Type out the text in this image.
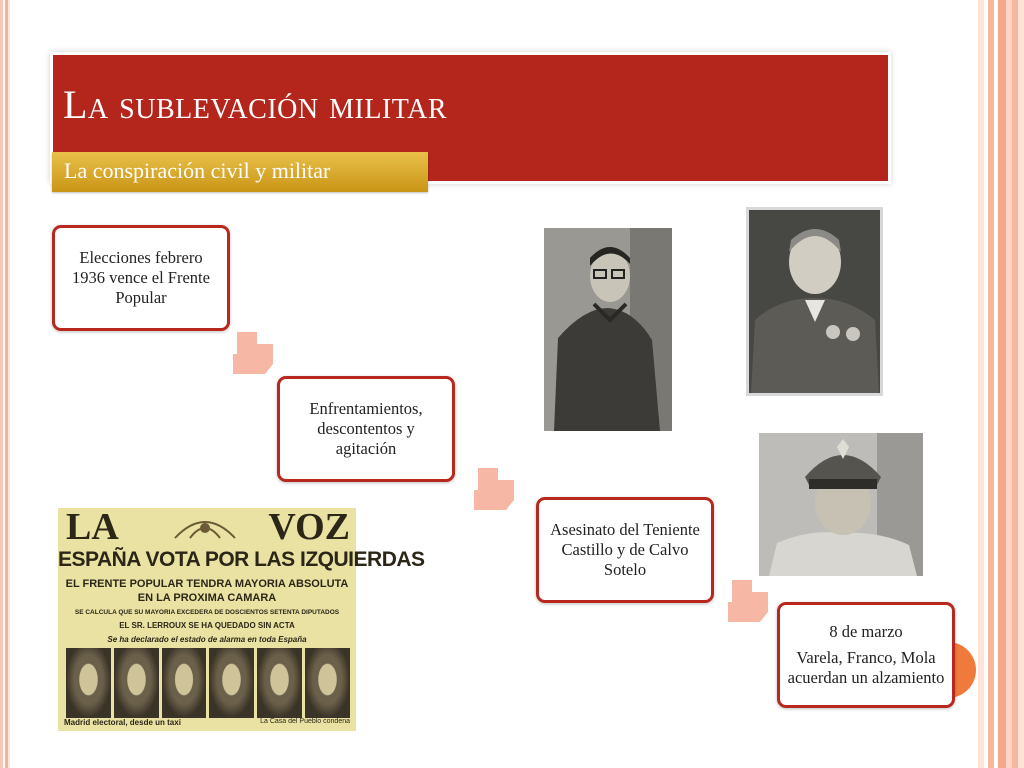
La sublevación militar
La conspiración civil y militar

Elecciones febrero 1936 vence el Frente Popular

Enfrentamientos, descontentos y agitación

Asesinato del Teniente Castillo y de Calvo Sotelo

8 de marzo

Varela, Franco, Mola acuerdan un alzamiento

LA	VOZ
ESPAÑA VOTA POR LAS IZQUIERDAS
EL FRENTE POPULAR TENDRA MAYORIA ABSOLUTA
EN LA PROXIMA CAMARA
SE CALCULA QUE SU MAYORIA EXCEDERA DE DOSCIENTOS SETENTA DIPUTADOS
EL SR. LERROUX SE HA QUEDADO SIN ACTA
Se ha declarado el estado de alarma en toda España
Madrid electoral, desde un taxi	La Casa del Pueblo condena
